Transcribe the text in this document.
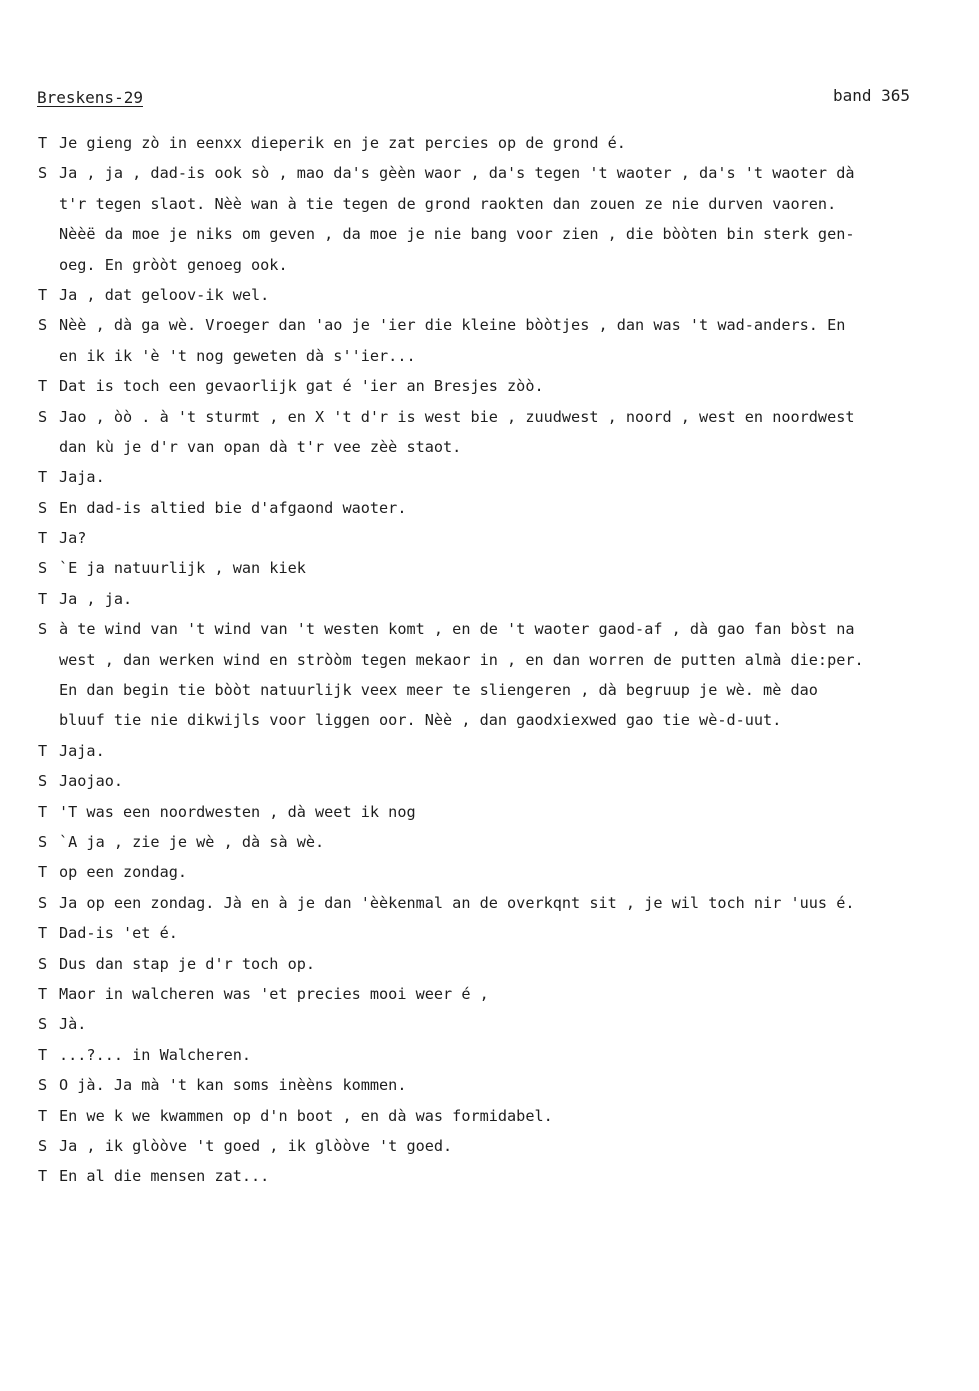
Breskens-29	band 365
T Je gieng zò in eenxx dieperik en je zat percies op de grond é.
S Ja , ja , dad-is ook sò , mao da's gèèn waor , da's tegen 't waoter , da's 't waoter dà
t'r tegen slaot. Nèè wan à tie tegen de grond raokten dan zouen ze nie durven vaoren.
Nèèë da moe je niks om geven , da moe je nie bang voor zien , die bòòten bin sterk gen-
oeg. En gròòt genoeg ook.
T Ja , dat geloov-ik wel.
S Nèè , dà ga wè. Vroeger dan 'ao je 'ier die kleine bòòtjes , dan was 't wad-anders. En
en ik ik 'è 't nog geweten dà s''ier...
T Dat is toch een gevaorlijk gat é 'ier an Bresjes zòò.
S Jao , òò . à 't sturmt , en X 't d'r is west bie , zuudwest , noord , west en noordwest
dan kù je d'r van opan dà t'r vee zèè staot.
T Jaja.
S En dad-is altied bie d'afgaond waoter.
T Ja?
S `E ja natuurlijk , wan kiek
T Ja , ja.
S à te wind van 't wind van 't westen komt , en de 't waoter gaod-af , dà gao fan bòst na
west , dan werken wind en stròòm tegen mekaor in , en dan worren de putten almà die:per.
En dan begin tie bòòt natuurlijk veex meer te sliengeren , dà begruup je wè. mè dao
bluuf tie nie dikwijls voor liggen oor. Nèè , dan gaodxiexwed gao tie wè-d-uut.
T Jaja.
S Jaojao.
T 'T was een noordwesten , dà weet ik nog
S `A ja , zie je wè , dà sà wè.
T op een zondag.
S Ja op een zondag. Jà en à je dan 'èèkenmal an de overkqnt sit , je wil toch nir 'uus é.
T Dad-is 'et é.
S Dus dan stap je d'r toch op.
T Maor in walcheren was 'et precies mooi weer é ,
S Jà.
T ...?... in Walcheren.
S O jà. Ja mà 't kan soms inèèns kommen.
T En we k we kwammen op d'n boot , en dà was formidabel.
S Ja , ik glòòve 't goed , ik glòòve 't goed.
T En al die mensen zat...
